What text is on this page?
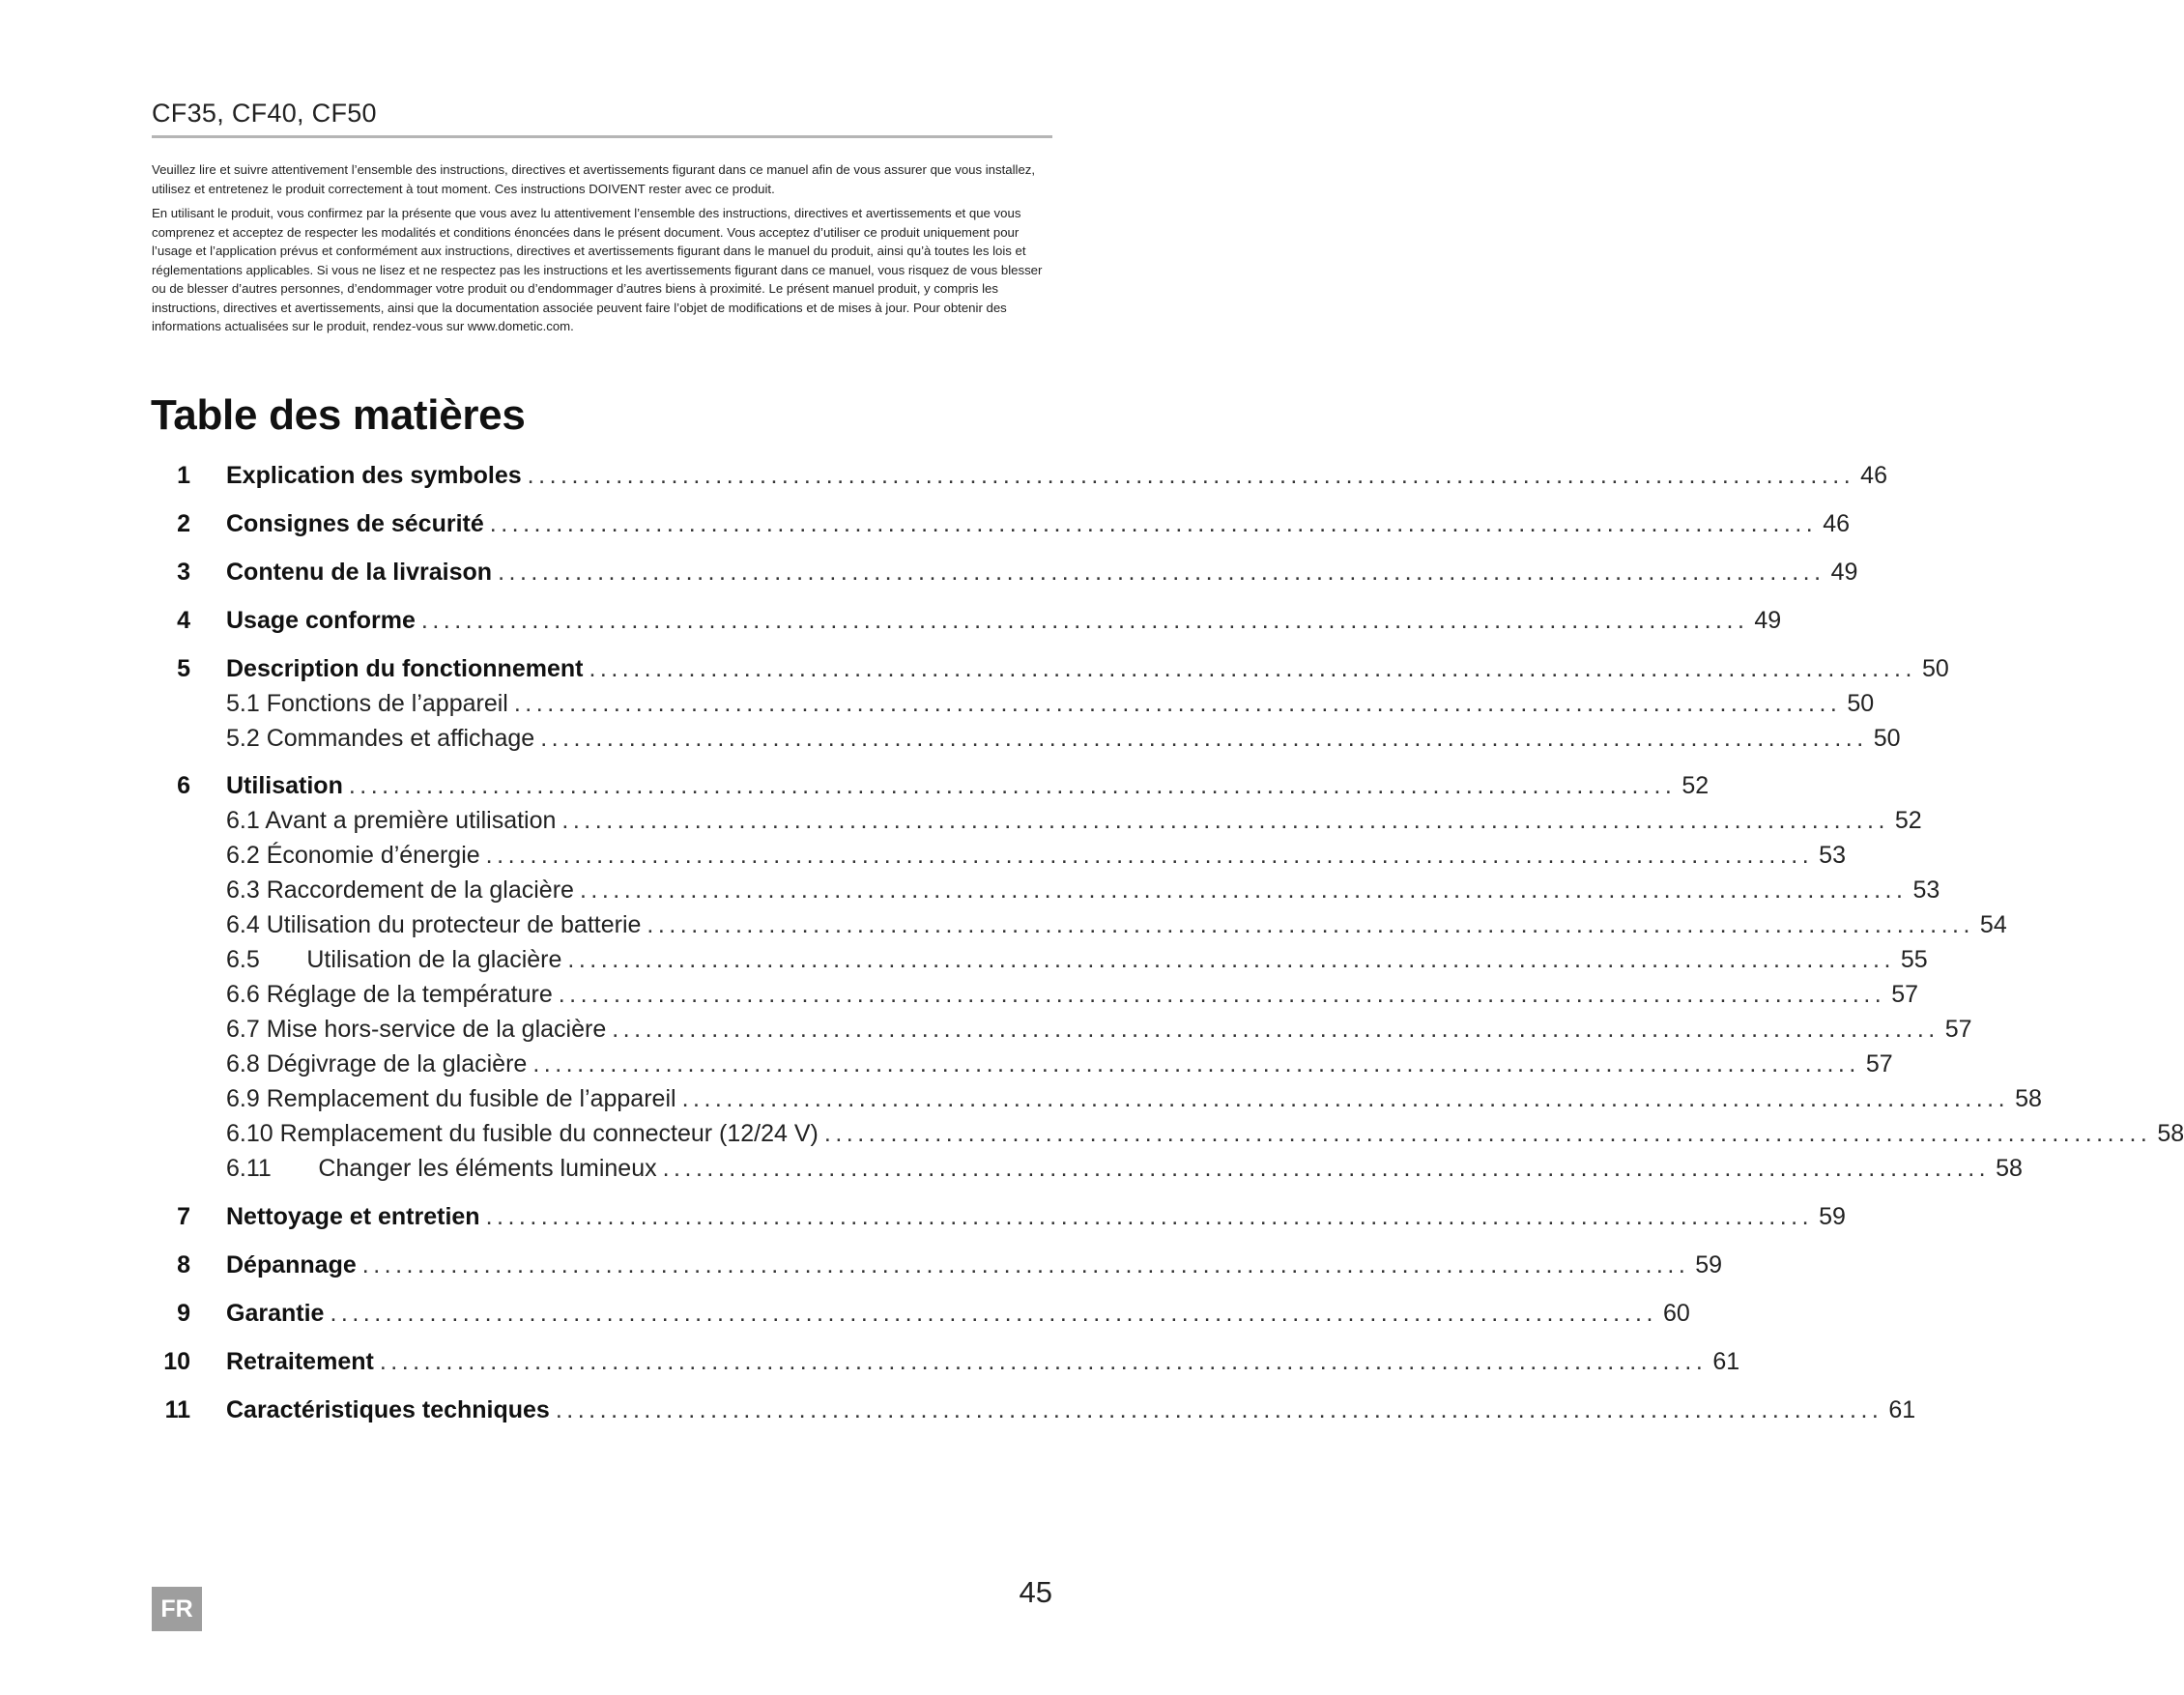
CF35, CF40, CF50

Veuillez lire et suivre attentivement l’ensemble des instructions, directives et avertissements figurant dans ce manuel afin de vous assurer que vous installez, utilisez et entretenez le produit correctement à tout moment. Ces instructions DOIVENT rester avec ce produit.

En utilisant le produit, vous confirmez par la présente que vous avez lu attentivement l’ensemble des instructions, directives et avertissements et que vous comprenez et acceptez de respecter les modalités et conditions énoncées dans le présent document. Vous acceptez d’utiliser ce produit uniquement pour l’usage et l’application prévus et conformément aux instructions, directives et avertissements figurant dans le manuel du produit, ainsi qu’à toutes les lois et réglementations applicables. Si vous ne lisez et ne respectez pas les instructions et les avertissements figurant dans ce manuel, vous risquez de vous blesser ou de blesser d’autres personnes, d’endommager votre produit ou d’endommager d’autres biens à proximité. Le présent manuel produit, y compris les instructions, directives et avertissements, ainsi que la documentation associée peuvent faire l’objet de modifications et de mises à jour. Pour obtenir des informations actualisées sur le produit, rendez-vous sur www.dometic.com.

Table des matières
1 Explication des symboles ........................................................................................................................ 46
2 Consignes de sécurité ........................................................................................................................ 46
3 Contenu de la livraison ........................................................................................................................ 49
4 Usage conforme ........................................................................................................................ 49
5 Description du fonctionnement ........................................................................................................................ 50
5.1 Fonctions de l’appareil ........................................................................................................................ 50
5.2 Commandes et affichage ........................................................................................................................ 50
6 Utilisation ........................................................................................................................ 52
6.1 Avant a première utilisation ........................................................................................................................ 52
6.2 Économie d’énergie ........................................................................................................................ 53
6.3 Raccordement de la glacière ........................................................................................................................ 53
6.4 Utilisation du protecteur de batterie ........................................................................................................................ 54
6.5       Utilisation de la glacière ........................................................................................................................ 55
6.6 Réglage de la température ........................................................................................................................ 57
6.7 Mise hors-service de la glacière ........................................................................................................................ 57
6.8 Dégivrage de la glacière ........................................................................................................................ 57
6.9 Remplacement du fusible de l’appareil ........................................................................................................................ 58
6.10 Remplacement du fusible du connecteur (12/24 V) ........................................................................................................................ 58
6.11       Changer les éléments lumineux ........................................................................................................................ 58
7 Nettoyage et entretien ........................................................................................................................ 59
8 Dépannage ........................................................................................................................ 59
9 Garantie ........................................................................................................................ 60
10 Retraitement ........................................................................................................................ 61
11 Caractéristiques techniques ........................................................................................................................ 61
FR	45
